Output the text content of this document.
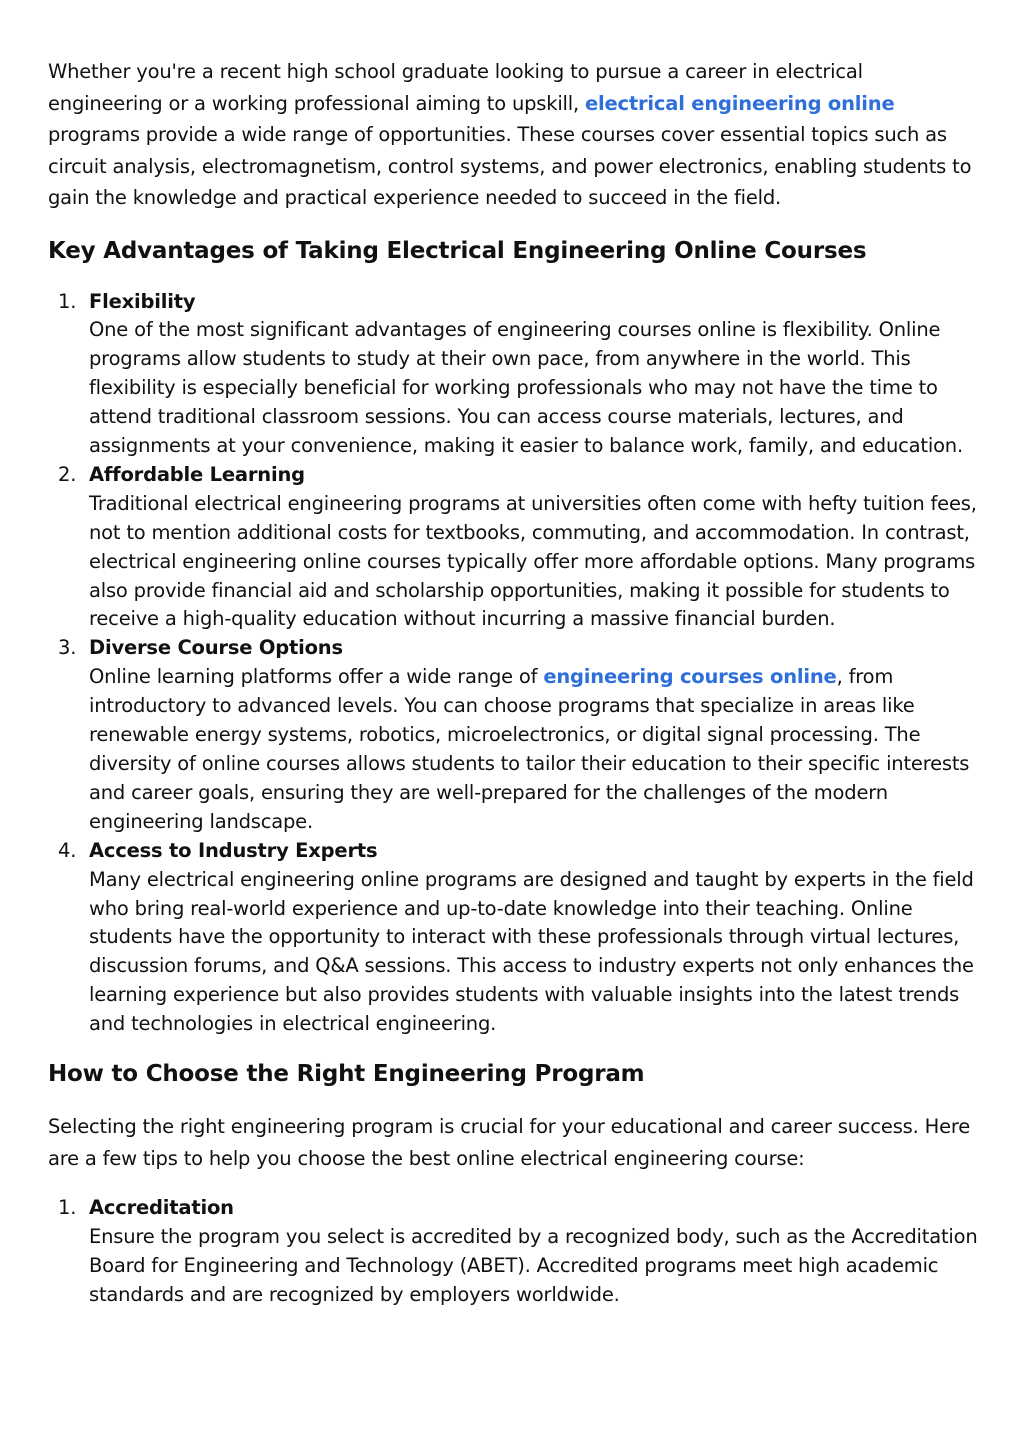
Whether you're a recent high school graduate looking to pursue a career in electrical engineering or a working professional aiming to upskill, electrical engineering online programs provide a wide range of opportunities. These courses cover essential topics such as circuit analysis, electromagnetism, control systems, and power electronics, enabling students to gain the knowledge and practical experience needed to succeed in the field.

Key Advantages of Taking Electrical Engineering Online Courses
1. Flexibility
One of the most significant advantages of engineering courses online is flexibility. Online programs allow students to study at their own pace, from anywhere in the world. This flexibility is especially beneficial for working professionals who may not have the time to attend traditional classroom sessions. You can access course materials, lectures, and assignments at your convenience, making it easier to balance work, family, and education.
2. Affordable Learning
Traditional electrical engineering programs at universities often come with hefty tuition fees, not to mention additional costs for textbooks, commuting, and accommodation. In contrast, electrical engineering online courses typically offer more affordable options. Many programs also provide financial aid and scholarship opportunities, making it possible for students to receive a high-quality education without incurring a massive financial burden.
3. Diverse Course Options
Online learning platforms offer a wide range of engineering courses online, from introductory to advanced levels. You can choose programs that specialize in areas like renewable energy systems, robotics, microelectronics, or digital signal processing. The diversity of online courses allows students to tailor their education to their specific interests and career goals, ensuring they are well-prepared for the challenges of the modern engineering landscape.
4. Access to Industry Experts
Many electrical engineering online programs are designed and taught by experts in the field who bring real-world experience and up-to-date knowledge into their teaching. Online students have the opportunity to interact with these professionals through virtual lectures, discussion forums, and Q&A sessions. This access to industry experts not only enhances the learning experience but also provides students with valuable insights into the latest trends and technologies in electrical engineering.
How to Choose the Right Engineering Program

Selecting the right engineering program is crucial for your educational and career success. Here are a few tips to help you choose the best online electrical engineering course:

1. Accreditation
Ensure the program you select is accredited by a recognized body, such as the Accreditation Board for Engineering and Technology (ABET). Accredited programs meet high academic standards and are recognized by employers worldwide.
